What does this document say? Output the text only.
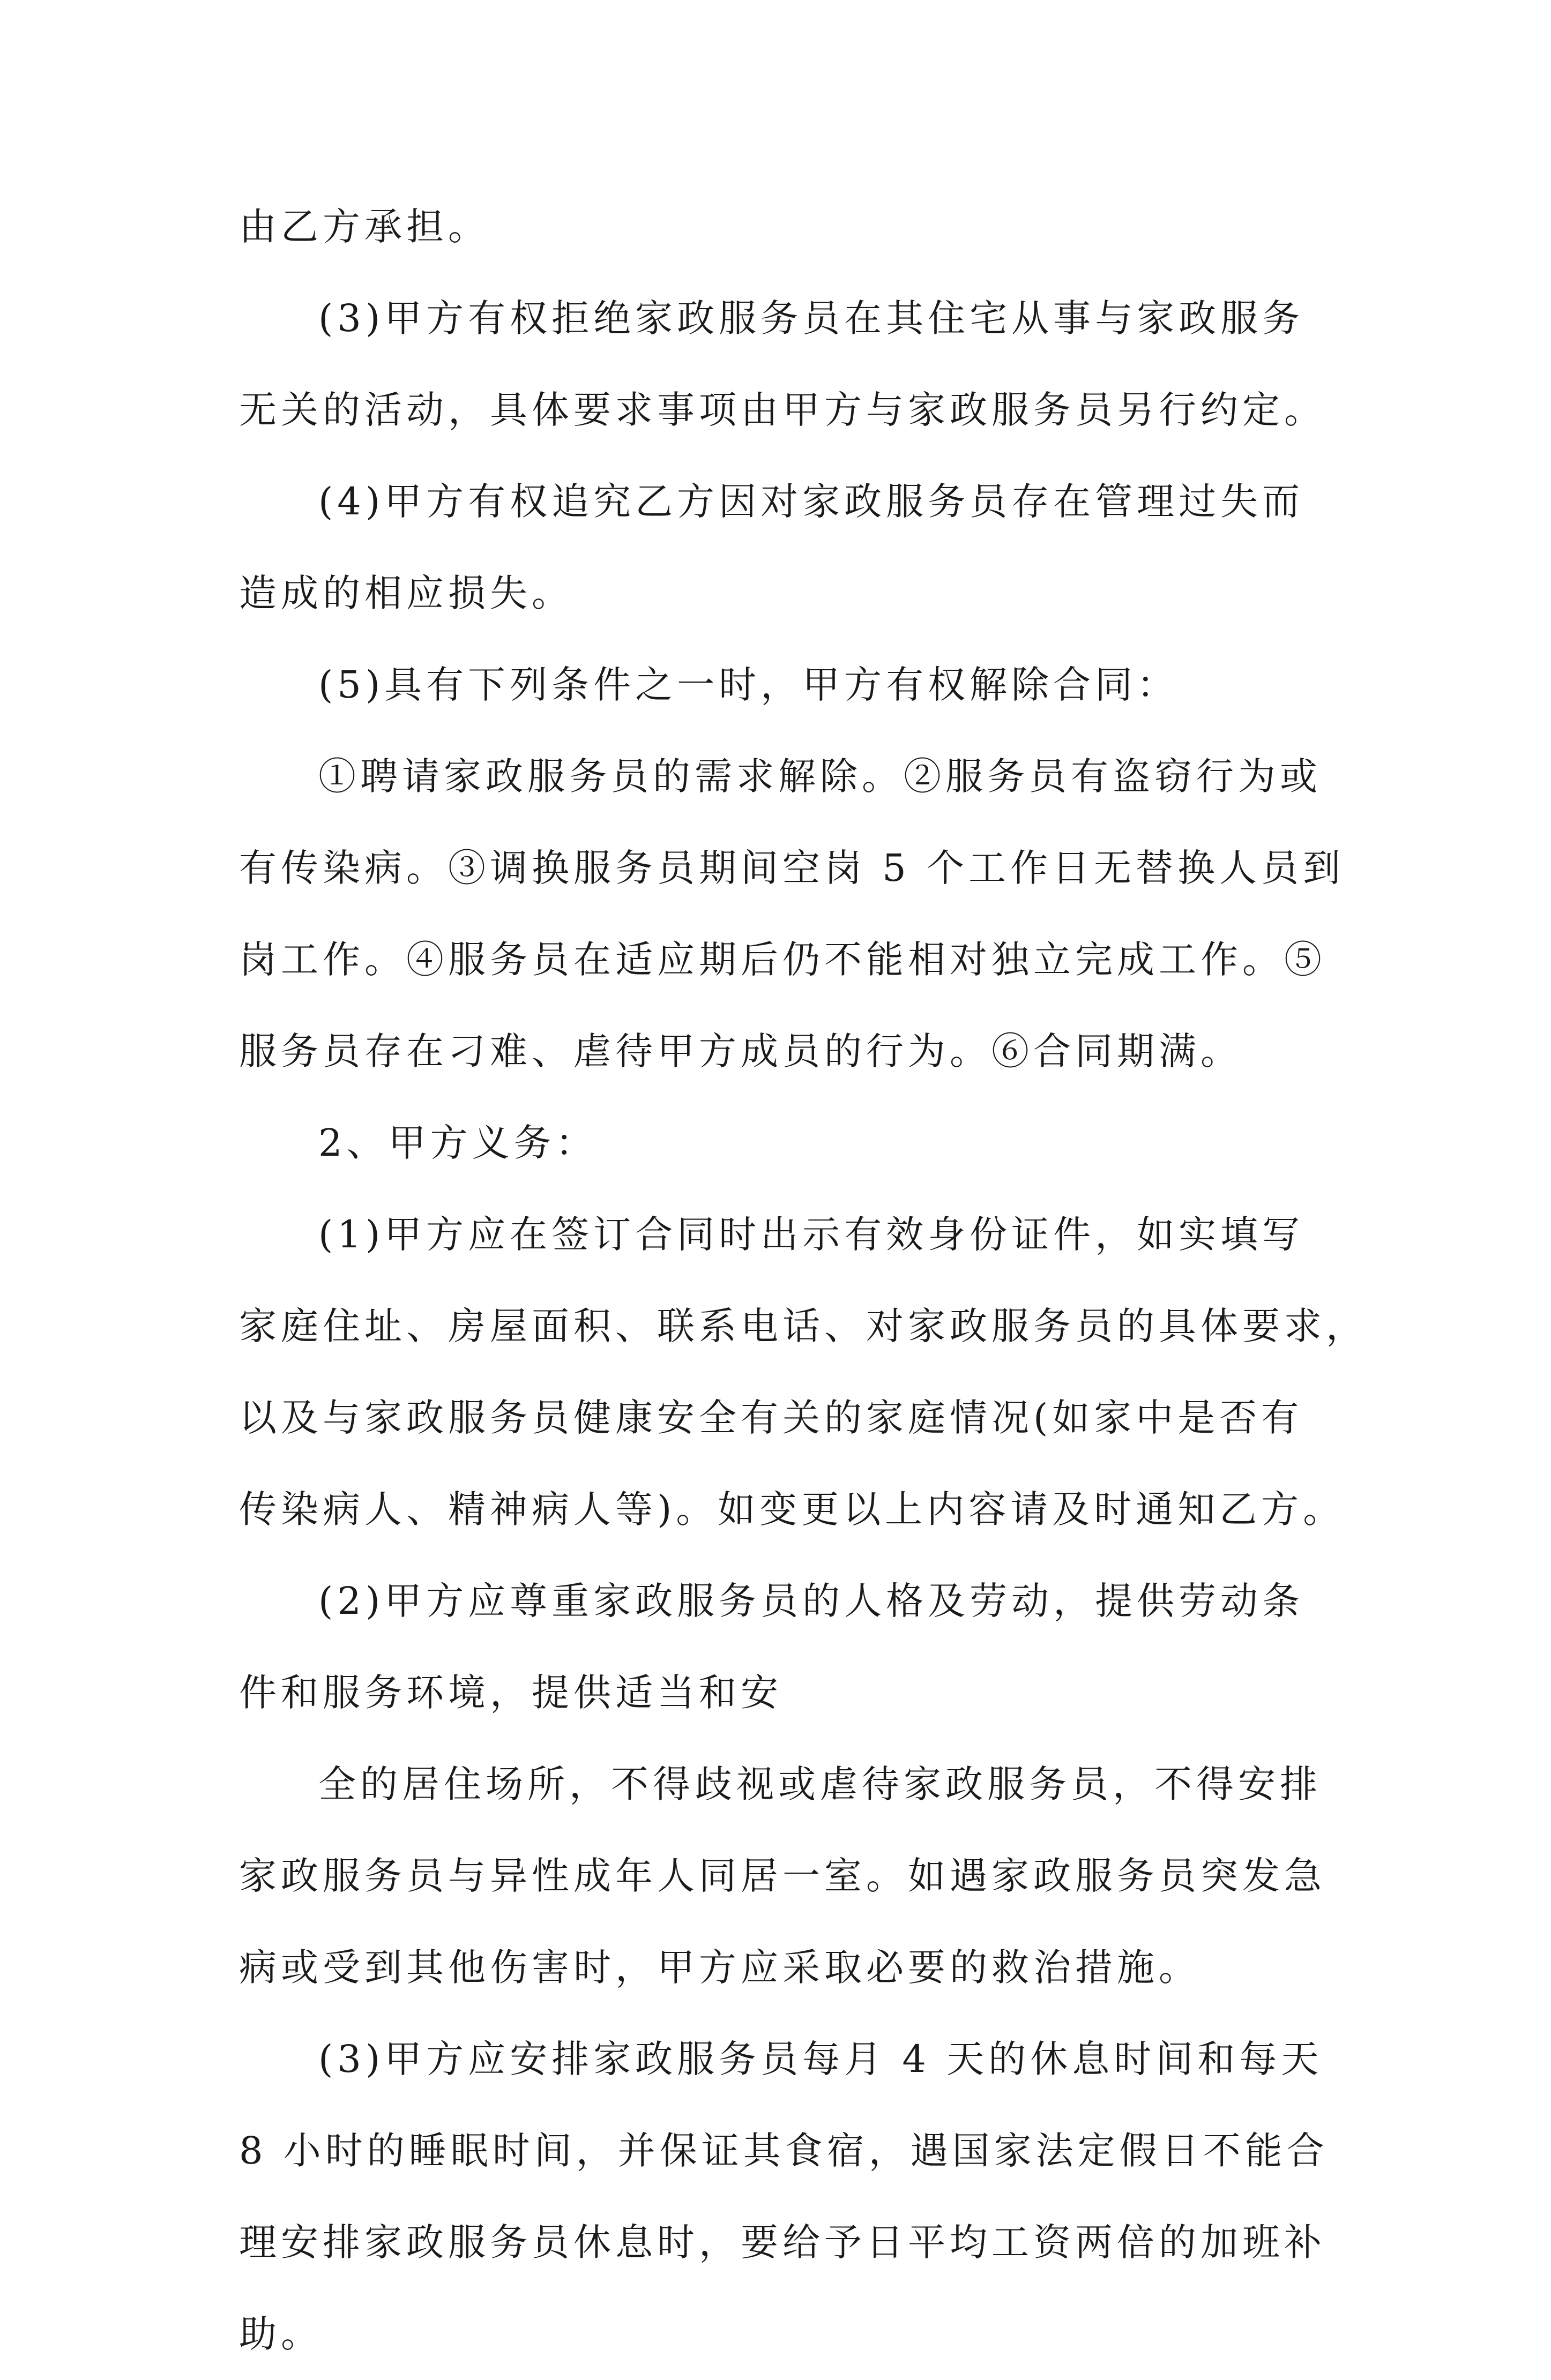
由乙方承担。
(3)甲方有权拒绝家政服务员在其住宅从事与家政服务
无关的活动，具体要求事项由甲方与家政服务员另行约定。
(4)甲方有权追究乙方因对家政服务员存在管理过失而
造成的相应损失。
(5)具有下列条件之一时，甲方有权解除合同：
①聘请家政服务员的需求解除。②服务员有盗窃行为或
有传染病。③调换服务员期间空岗 5 个工作日无替换人员到
岗工作。④服务员在适应期后仍不能相对独立完成工作。⑤
服务员存在刁难、虐待甲方成员的行为。⑥合同期满。
2、甲方义务：
(1)甲方应在签订合同时出示有效身份证件，如实填写
家庭住址、房屋面积、联系电话、对家政服务员的具体要求，
以及与家政服务员健康安全有关的家庭情况(如家中是否有
传染病人、精神病人等)。如变更以上内容请及时通知乙方。
(2)甲方应尊重家政服务员的人格及劳动，提供劳动条
件和服务环境，提供适当和安
全的居住场所，不得歧视或虐待家政服务员，不得安排
家政服务员与异性成年人同居一室。如遇家政服务员突发急
病或受到其他伤害时，甲方应采取必要的救治措施。
(3)甲方应安排家政服务员每月 4 天的休息时间和每天
8 小时的睡眠时间，并保证其食宿，遇国家法定假日不能合
理安排家政服务员休息时，要给予日平均工资两倍的加班补
助。
